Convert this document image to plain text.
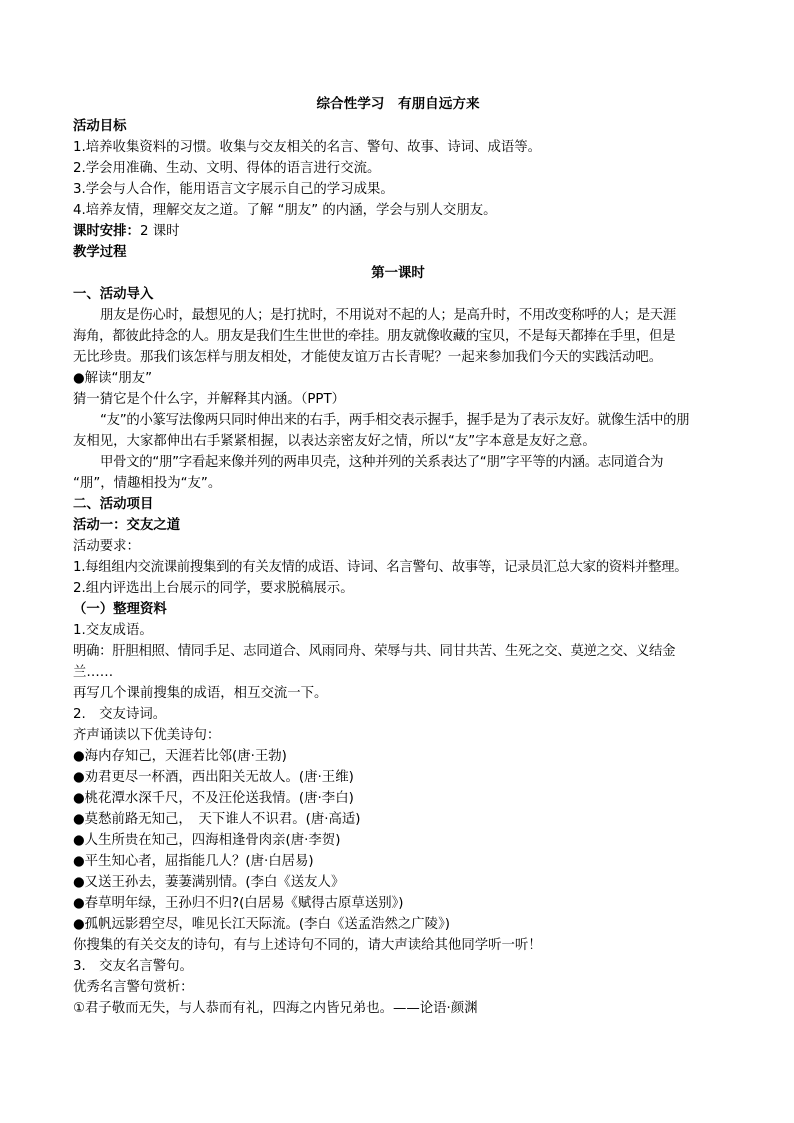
综合性学习　有朋自远方来
活动目标
1.培养收集资料的习惯。收集与交友相关的名言、警句、故事、诗词、成语等。
2.学会用准确、生动、文明、得体的语言进行交流。
3.学会与人合作，能用语言文字展示自己的学习成果。
4.培养友情，理解交友之道。了解 “朋友” 的内涵，学会与别人交朋友。
课时安排：2 课时
教学过程
第一课时
一、活动导入
朋友是伤心时，最想见的人；是打扰时，不用说对不起的人；是高升时，不用改变称呼的人；是天涯
海角，都彼此持念的人。朋友是我们生生世世的牵挂。朋友就像收藏的宝贝，不是每天都捧在手里，但是
无比珍贵。那我们该怎样与朋友相处，才能使友谊万古长青呢？一起来参加我们今天的实践活动吧。
●解读“朋友”
猜一猜它是个什么字，并解释其内涵。（PPT）
“友”的小篆写法像两只同时伸出来的右手，两手相交表示握手，握手是为了表示友好。就像生活中的朋
友相见，大家都伸出右手紧紧相握，以表达亲密友好之情，所以“友”字本意是友好之意。
甲骨文的“朋”字看起来像并列的两串贝壳，这种并列的关系表达了“朋”字平等的内涵。志同道合为
“朋”，情趣相投为“友”。
二、活动项目
活动一：交友之道
活动要求：
1.每组组内交流课前搜集到的有关友情的成语、诗词、名言警句、故事等，记录员汇总大家的资料并整理。
2.组内评选出上台展示的同学，要求脱稿展示。
（一）整理资料
1.交友成语。
明确：肝胆相照、情同手足、志同道合、风雨同舟、荣辱与共、同甘共苦、生死之交、莫逆之交、义结金
兰……
再写几个课前搜集的成语，相互交流一下。
2.　交友诗词。
齐声诵读以下优美诗句：
●海内存知己，天涯若比邻(唐·王勃)
●劝君更尽一杯酒，西出阳关无故人。(唐·王维)
●桃花潭水深千尺，不及汪伦送我情。(唐·李白)
●莫愁前路无知己，　天下谁人不识君。(唐·高适)
●人生所贵在知己，四海相逢骨肉亲(唐·李贺)
●平生知心者，屈指能几人？(唐·白居易)
●又送王孙去，萋萋满别情。(李白《送友人》
●春草明年绿，王孙归不归?(白居易《赋得古原草送别》)
●孤帆远影碧空尽，唯见长江天际流。(李白《送孟浩然之广陵》)
你搜集的有关交友的诗句，有与上述诗句不同的，请大声读给其他同学听一听！
3.　交友名言警句。
优秀名言警句赏析：
①君子敬而无失，与人恭而有礼，四海之内皆兄弟也。——论语·颜渊
